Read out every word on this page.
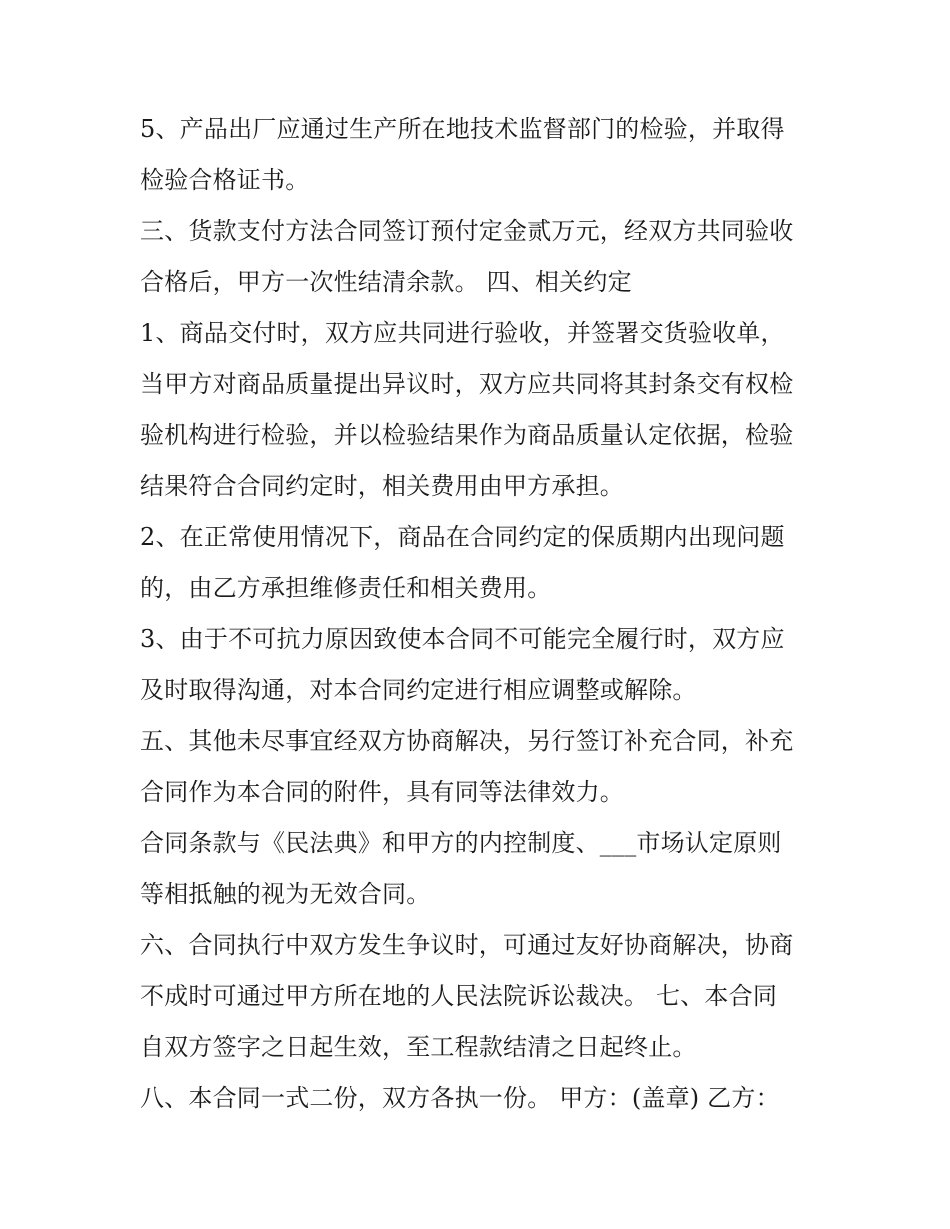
5、产品出厂应通过生产所在地技术监督部门的检验，并取得
检验合格证书。
三、货款支付方法合同签订预付定金贰万元，经双方共同验收
合格后，甲方一次性结清余款。 四、相关约定
1、商品交付时，双方应共同进行验收，并签署交货验收单，
当甲方对商品质量提出异议时，双方应共同将其封条交有权检
验机构进行检验，并以检验结果作为商品质量认定依据，检验
结果符合合同约定时，相关费用由甲方承担。
2、在正常使用情况下，商品在合同约定的保质期内出现问题
的，由乙方承担维修责任和相关费用。
3、由于不可抗力原因致使本合同不可能完全履行时，双方应
及时取得沟通，对本合同约定进行相应调整或解除。
五、其他未尽事宜经双方协商解决，另行签订补充合同，补充
合同作为本合同的附件，具有同等法律效力。
合同条款与《民法典》和甲方的内控制度、___市场认定原则
等相抵触的视为无效合同。
六、合同执行中双方发生争议时，可通过友好协商解决，协商
不成时可通过甲方所在地的人民法院诉讼裁决。 七、本合同
自双方签字之日起生效，至工程款结清之日起终止。
八、本合同一式二份，双方各执一份。 甲方：(盖章) 乙方：
